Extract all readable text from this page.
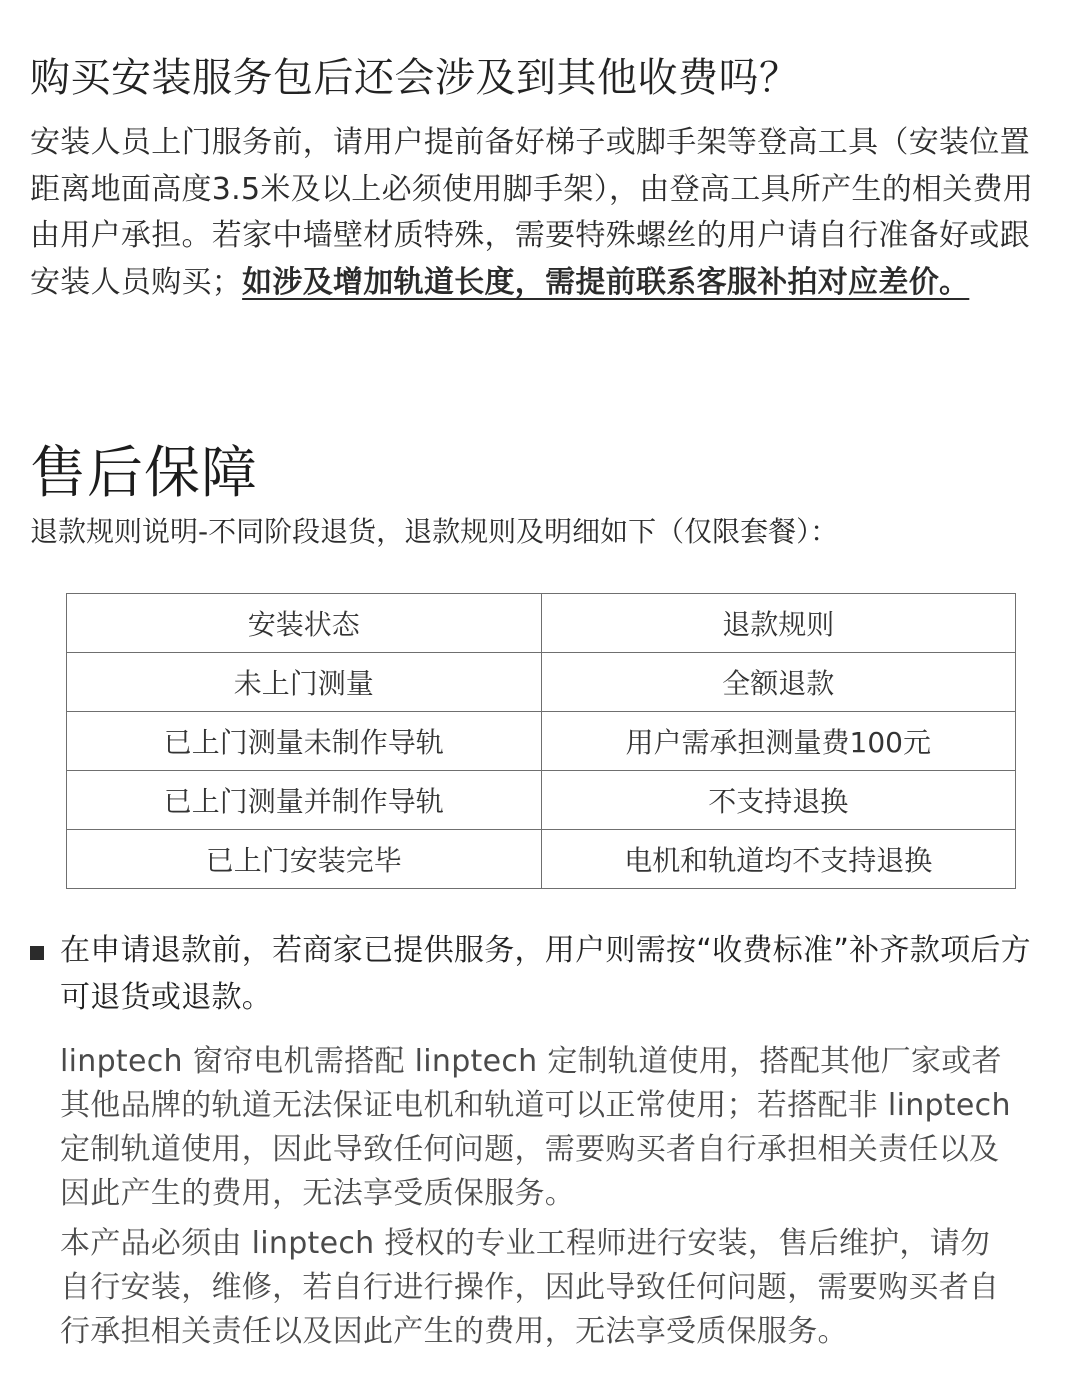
购买安装服务包后还会涉及到其他收费吗？
安装人员上门服务前，请用户提前备好梯子或脚手架等登高工具（安装位置距离地面高度3.5米及以上必须使用脚手架），由登高工具所产生的相关费用由用户承担。若家中墙壁材质特殊，需要特殊螺丝的用户请自行准备好或跟安装人员购买；如涉及增加轨道长度，需提前联系客服补拍对应差价。
售后保障
退款规则说明-不同阶段退货，退款规则及明细如下（仅限套餐）：
安装状态	退款规则
未上门测量	全额退款
已上门测量未制作导轨	用户需承担测量费100元
已上门测量并制作导轨	不支持退换
已上门安装完毕	电机和轨道均不支持退换
在申请退款前，若商家已提供服务，用户则需按“收费标准”补齐款项后方可退货或退款。
linptech 窗帘电机需搭配 linptech 定制轨道使用，搭配其他厂家或者其他品牌的轨道无法保证电机和轨道可以正常使用；若搭配非 linptech 定制轨道使用，因此导致任何问题，需要购买者自行承担相关责任以及因此产生的费用，无法享受质保服务。
本产品必须由 linptech 授权的专业工程师进行安装，售后维护，请勿自行安装，维修，若自行进行操作，因此导致任何问题，需要购买者自行承担相关责任以及因此产生的费用，无法享受质保服务。
